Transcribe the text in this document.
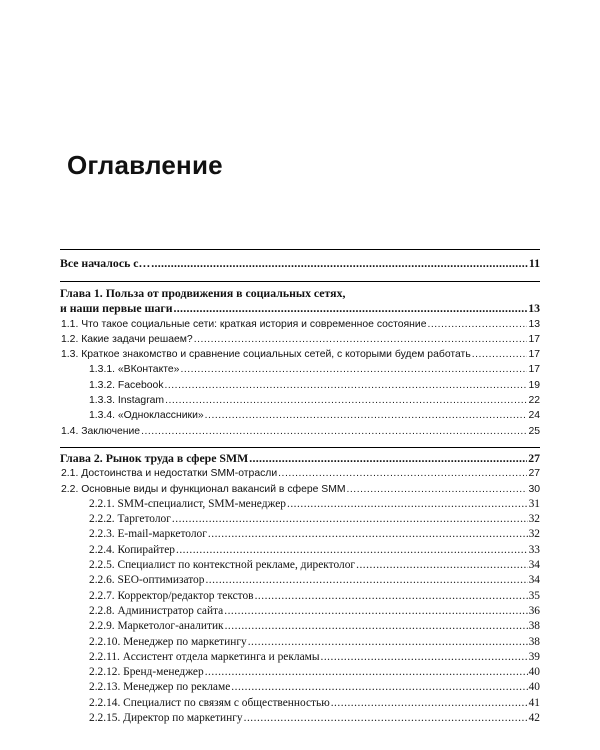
Оглавление
Все началось с… .....	11
Глава 1. Польза от продвижения в социальных сетях,
и наши первые шаги .....	13
1.1. Что такое социальные сети: краткая история и современное состояние .....	13
1.2. Какие задачи решаем? .....	17
1.3. Краткое знакомство и сравнение социальных сетей, с которыми будем работать .....	17
1.3.1. «ВКонтакте» .....	17
1.3.2. Facebook .....	19
1.3.3. Instagram .....	22
1.3.4. «Одноклассники» .....	24
1.4. Заключение .....	25
Глава 2. Рынок труда в сфере SMM .....	27
2.1. Достоинства и недостатки SMM-отрасли .....	27
2.2. Основные виды и функционал вакансий в сфере SMM .....	30
2.2.1. SMM-специалист, SMM-менеджер .....	31
2.2.2. Таргетолог .....	32
2.2.3. E-mail-маркетолог .....	32
2.2.4. Копирайтер .....	33
2.2.5. Специалист по контекстной рекламе, директолог .....	34
2.2.6. SEO-оптимизатор .....	34
2.2.7. Корректор/редактор текстов .....	35
2.2.8. Администратор сайта .....	36
2.2.9. Маркетолог-аналитик .....	38
2.2.10. Менеджер по маркетингу .....	38
2.2.11. Ассистент отдела маркетинга и рекламы .....	39
2.2.12. Бренд-менеджер .....	40
2.2.13. Менеджер по рекламе .....	40
2.2.14. Специалист по связям с общественностью .....	41
2.2.15. Директор по маркетингу .....	42
